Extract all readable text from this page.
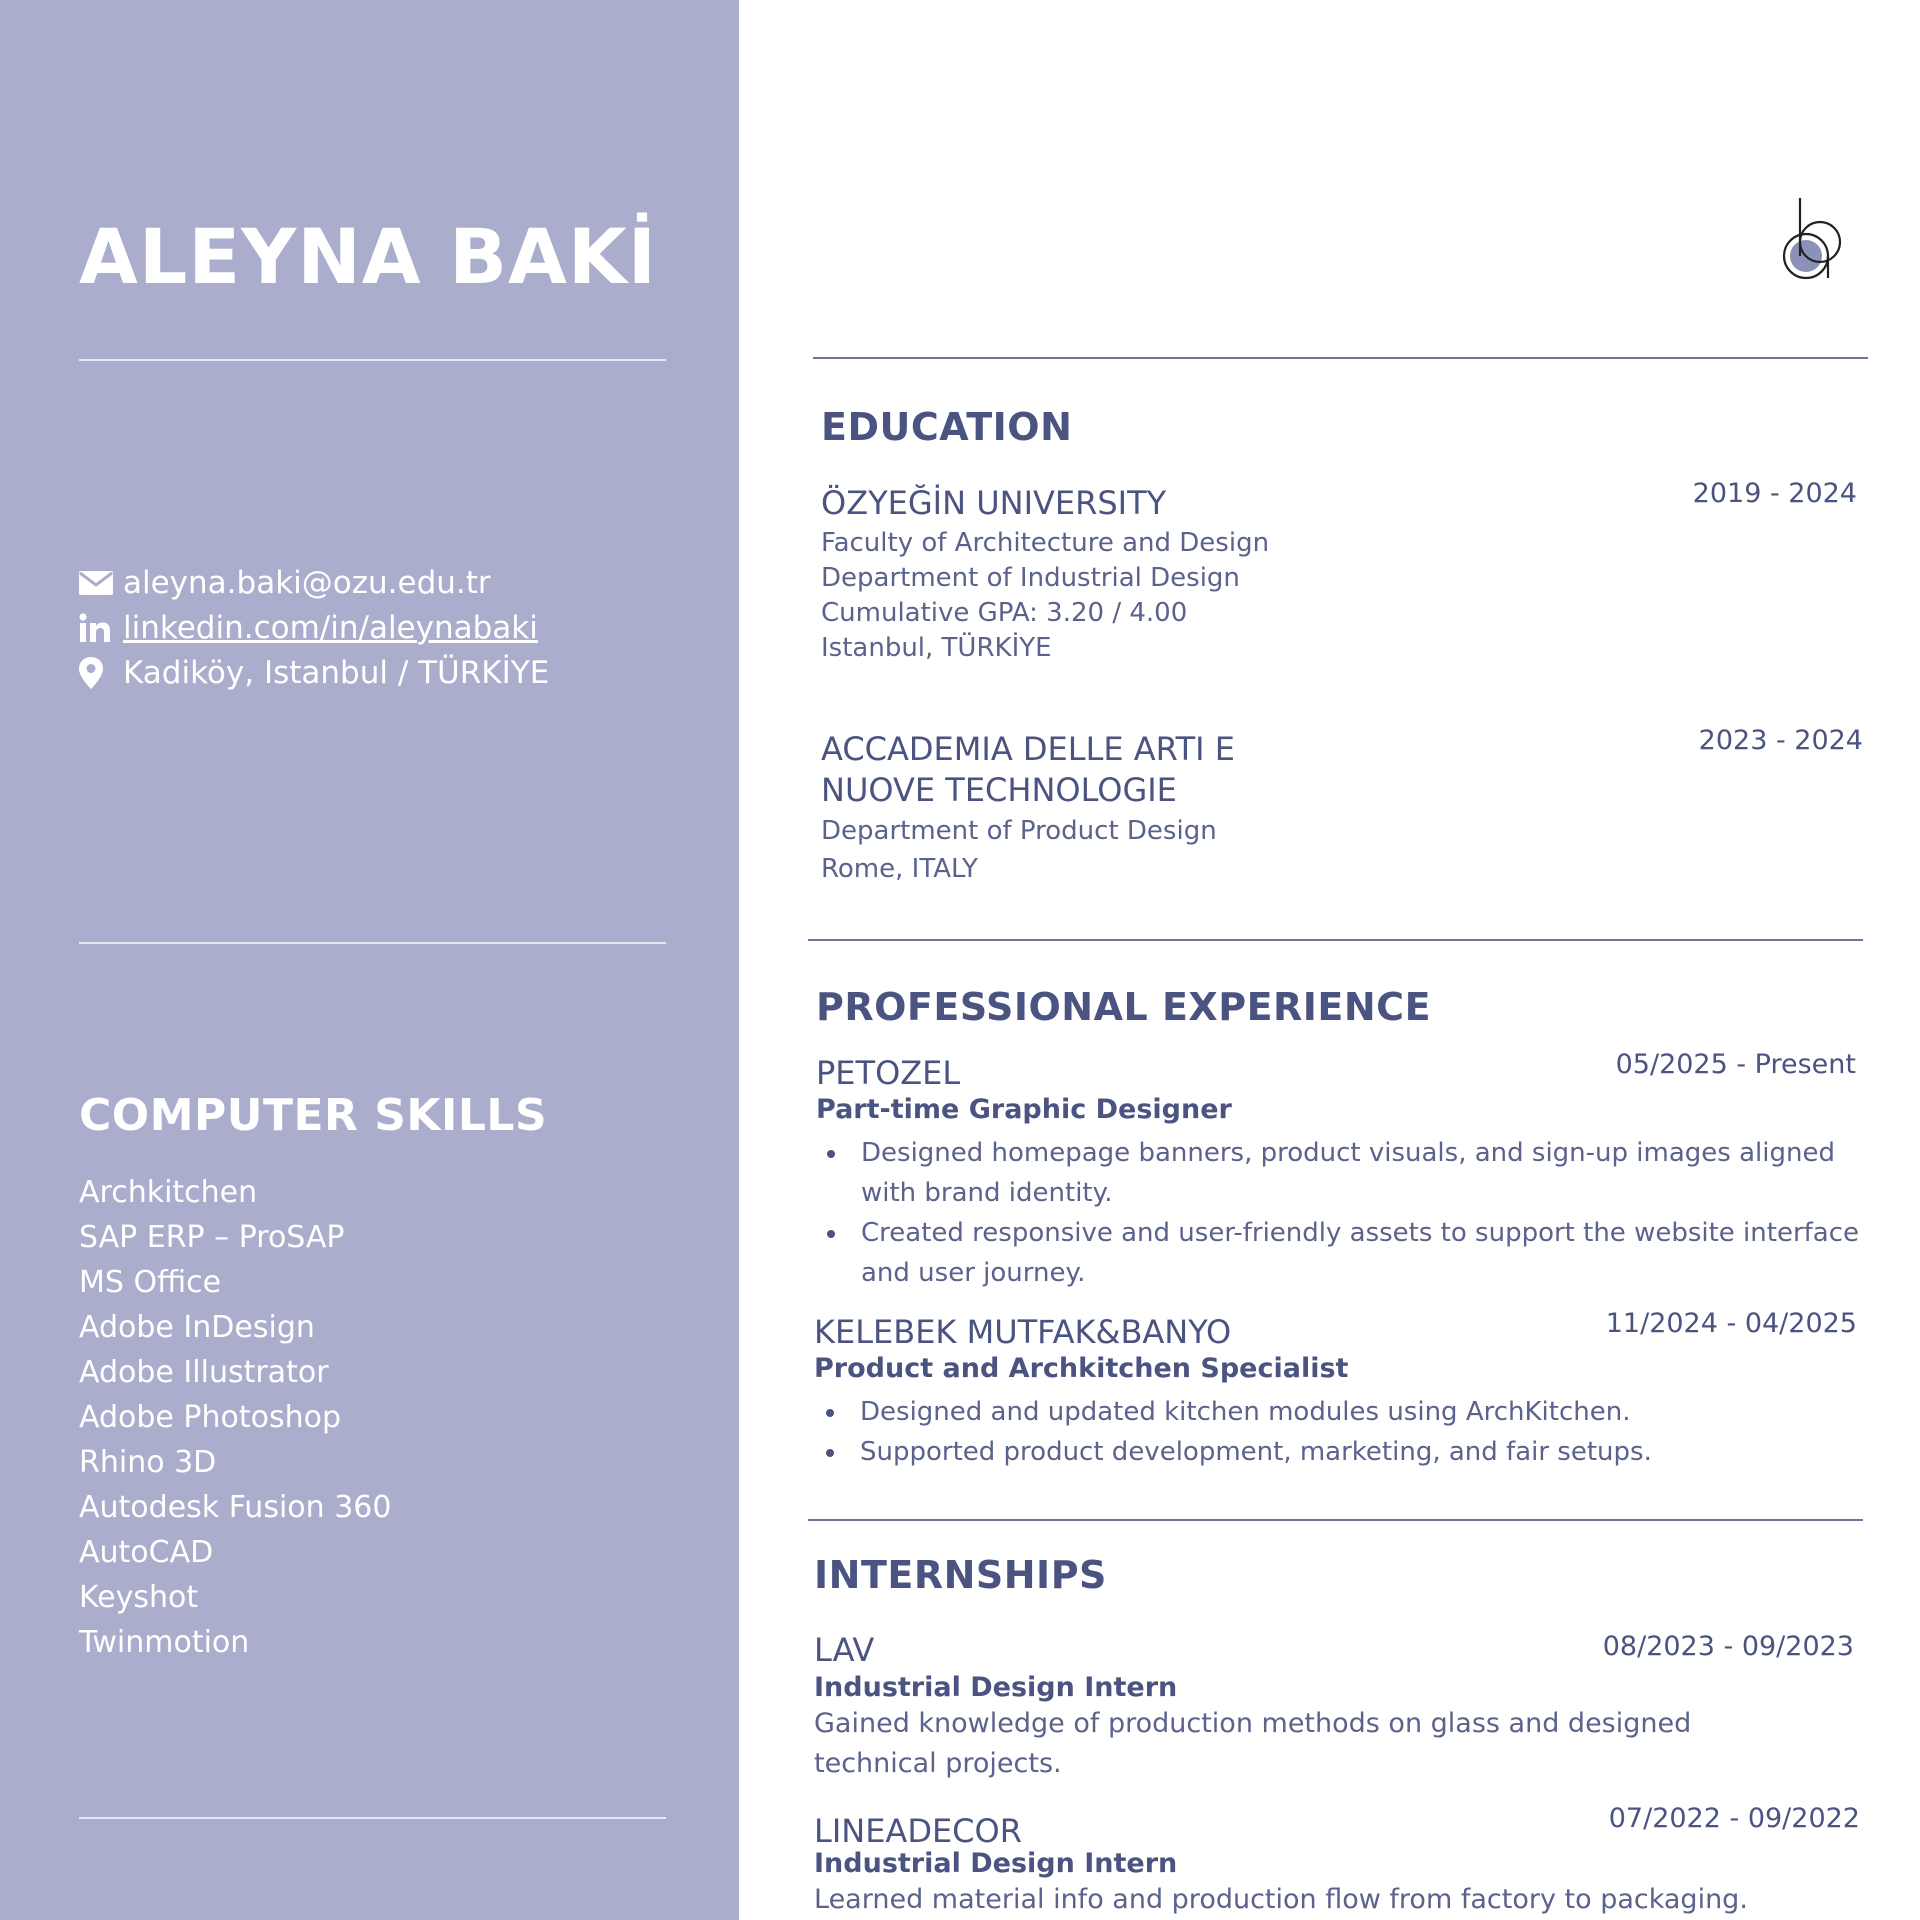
ALEYNA BAKİ
aleyna.baki@ozu.edu.tr
linkedin.com/in/aleynabaki
Kadiköy, Istanbul / TÜRKİYE
COMPUTER SKILLS
Archkitchen
SAP ERP – ProSAP
MS Office
Adobe InDesign
Adobe Illustrator
Adobe Photoshop
Rhino 3D
Autodesk Fusion 360
AutoCAD
Keyshot
Twinmotion
EDUCATION
ÖZYEĞİN UNIVERSITY	2019 - 2024
Faculty of Architecture and Design
Department of Industrial Design
Cumulative GPA: 3.20 / 4.00
Istanbul, TÜRKİYE
ACCADEMIA DELLE ARTI E
NUOVE TECHNOLOGIE
2023 - 2024
Department of Product Design
Rome, ITALY
PROFESSIONAL EXPERIENCE
PETOZEL	05/2025 - Present
Part-time Graphic Designer
Designed homepage banners, product visuals, and sign-up images aligned with brand identity.
Created responsive and user-friendly assets to support the website interface and user journey.
KELEBEK MUTFAK&BANYO	11/2024 - 04/2025
Product and Archkitchen Specialist
Designed and updated kitchen modules using ArchKitchen.
Supported product development, marketing, and fair setups.
INTERNSHIPS
LAV	08/2023 - 09/2023
Industrial Design Intern
Gained knowledge of production methods on glass and designed technical projects.
LINEADECOR	07/2022 - 09/2022
Industrial Design Intern
Learned material info and production flow from factory to packaging.
